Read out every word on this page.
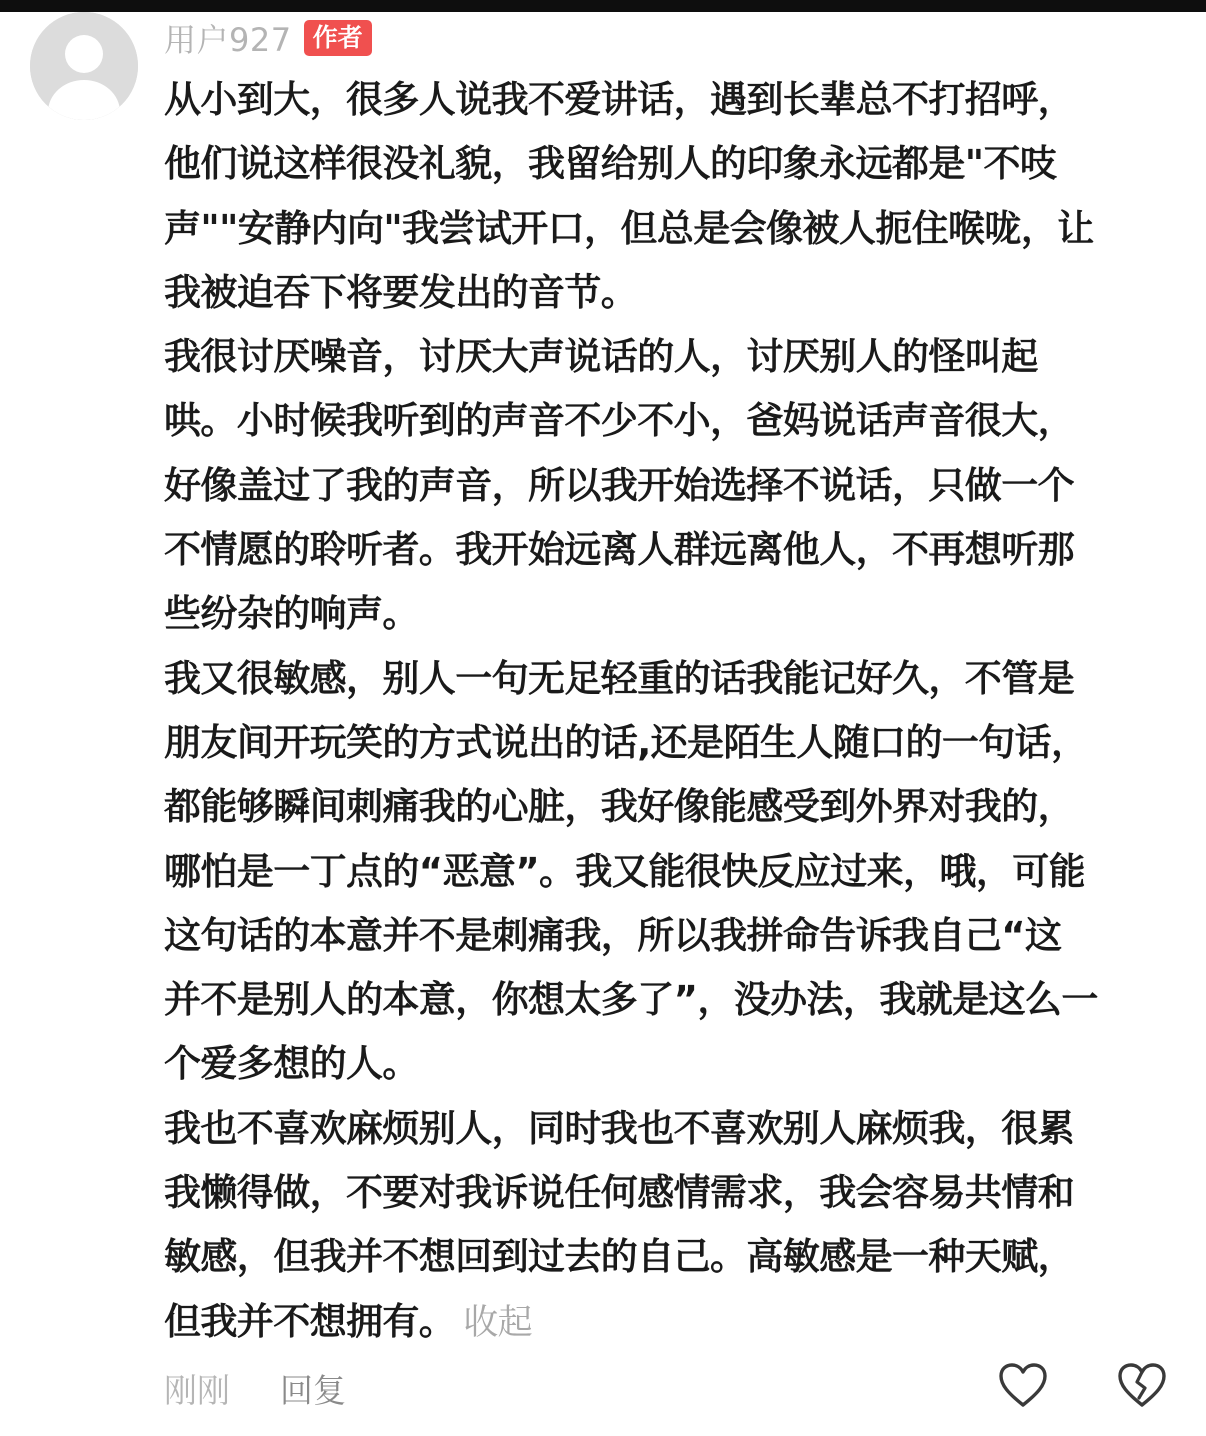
用户927 作者

从小到大，很多人说我不爱讲话，遇到长辈总不打招呼，
他们说这样很没礼貌，我留给别人的印象永远都是"不吱
声""安静内向"我尝试开口，但总是会像被人扼住喉咙，让
我被迫吞下将要发出的音节。

我很讨厌噪音，讨厌大声说话的人，讨厌别人的怪叫起
哄。小时候我听到的声音不少不小，爸妈说话声音很大，
好像盖过了我的声音，所以我开始选择不说话，只做一个
不情愿的聆听者。我开始远离人群远离他人，不再想听那
些纷杂的响声。

我又很敏感，别人一句无足轻重的话我能记好久，不管是
朋友间开玩笑的方式说出的话,还是陌生人随口的一句话，
都能够瞬间刺痛我的心脏，我好像能感受到外界对我的，
哪怕是一丁点的“恶意”。我又能很快反应过来，哦，可能
这句话的本意并不是刺痛我，所以我拼命告诉我自己“这
并不是别人的本意，你想太多了”，没办法，我就是这么一
个爱多想的人。

我也不喜欢麻烦别人，同时我也不喜欢别人麻烦我，很累
我懒得做，不要对我诉说任何感情需求，我会容易共情和
敏感，但我并不想回到过去的自己。高敏感是一种天赋，
但我并不想拥有。 收起

刚刚 回复
